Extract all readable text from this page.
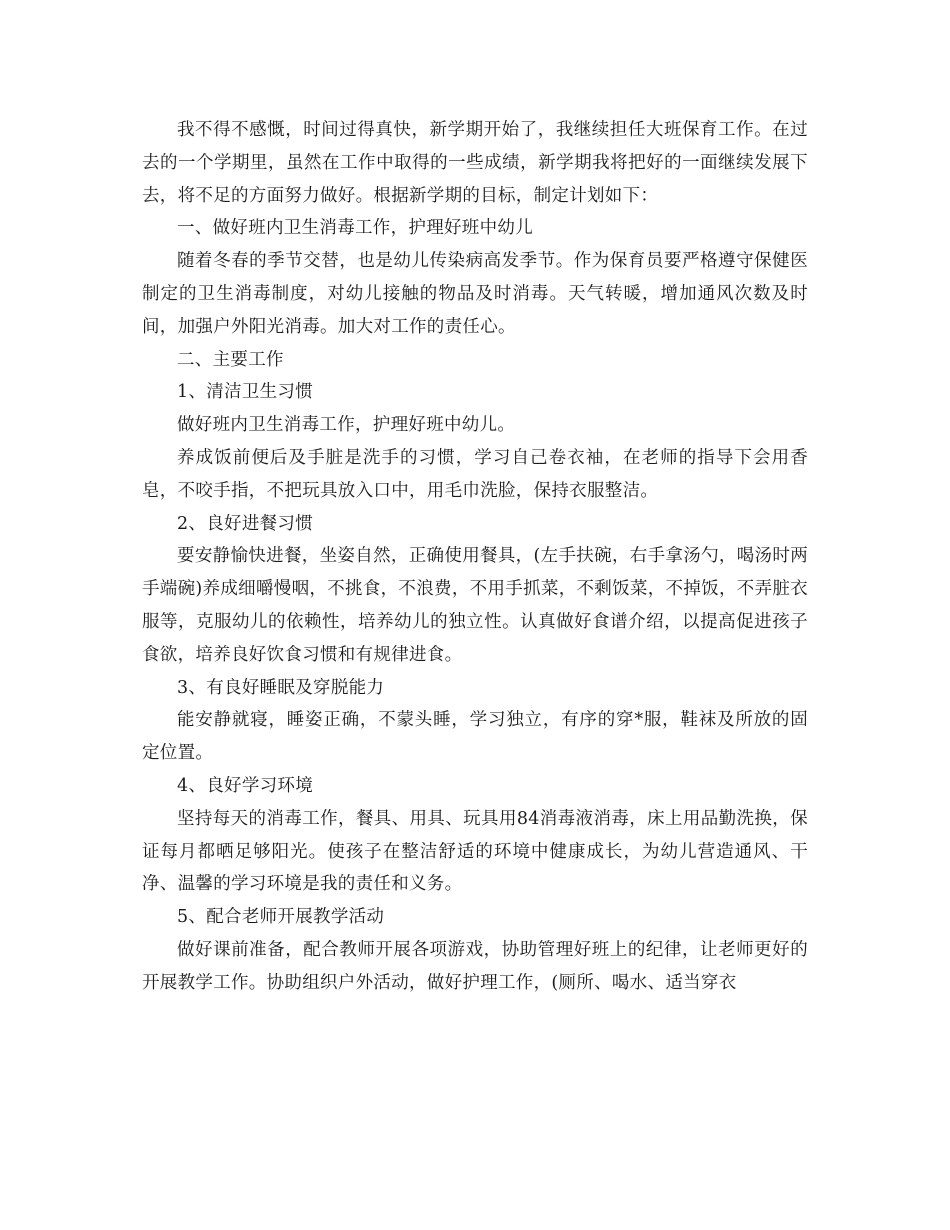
我不得不感慨，时间过得真快，新学期开始了，我继续担任大班保育工作。在过去的一个学期里，虽然在工作中取得的一些成绩，新学期我将把好的一面继续发展下去，将不足的方面努力做好。根据新学期的目标，制定计划如下：

一、做好班内卫生消毒工作，护理好班中幼儿

随着冬春的季节交替，也是幼儿传染病高发季节。作为保育员要严格遵守保健医制定的卫生消毒制度，对幼儿接触的物品及时消毒。天气转暖，增加通风次数及时间，加强户外阳光消毒。加大对工作的责任心。

二、主要工作

1、清洁卫生习惯

做好班内卫生消毒工作，护理好班中幼儿。

养成饭前便后及手脏是洗手的习惯，学习自己卷衣袖，在老师的指导下会用香皂，不咬手指，不把玩具放入口中，用毛巾洗脸，保持衣服整洁。

2、良好进餐习惯

要安静愉快进餐，坐姿自然，正确使用餐具，(左手扶碗，右手拿汤勺，喝汤时两手端碗)养成细嚼慢咽，不挑食，不浪费，不用手抓菜，不剩饭菜，不掉饭，不弄脏衣服等，克服幼儿的依赖性，培养幼儿的独立性。认真做好食谱介绍，以提高促进孩子食欲，培养良好饮食习惯和有规律进食。

3、有良好睡眠及穿脱能力

能安静就寝，睡姿正确，不蒙头睡，学习独立，有序的穿*服，鞋袜及所放的固定位置。

4、良好学习环境

坚持每天的消毒工作，餐具、用具、玩具用84消毒液消毒，床上用品勤洗换，保证每月都晒足够阳光。使孩子在整洁舒适的环境中健康成长，为幼儿营造通风、干净、温馨的学习环境是我的责任和义务。

5、配合老师开展教学活动

做好课前准备，配合教师开展各项游戏，协助管理好班上的纪律，让老师更好的开展教学工作。协助组织户外活动，做好护理工作，(厕所、喝水、适当穿衣
